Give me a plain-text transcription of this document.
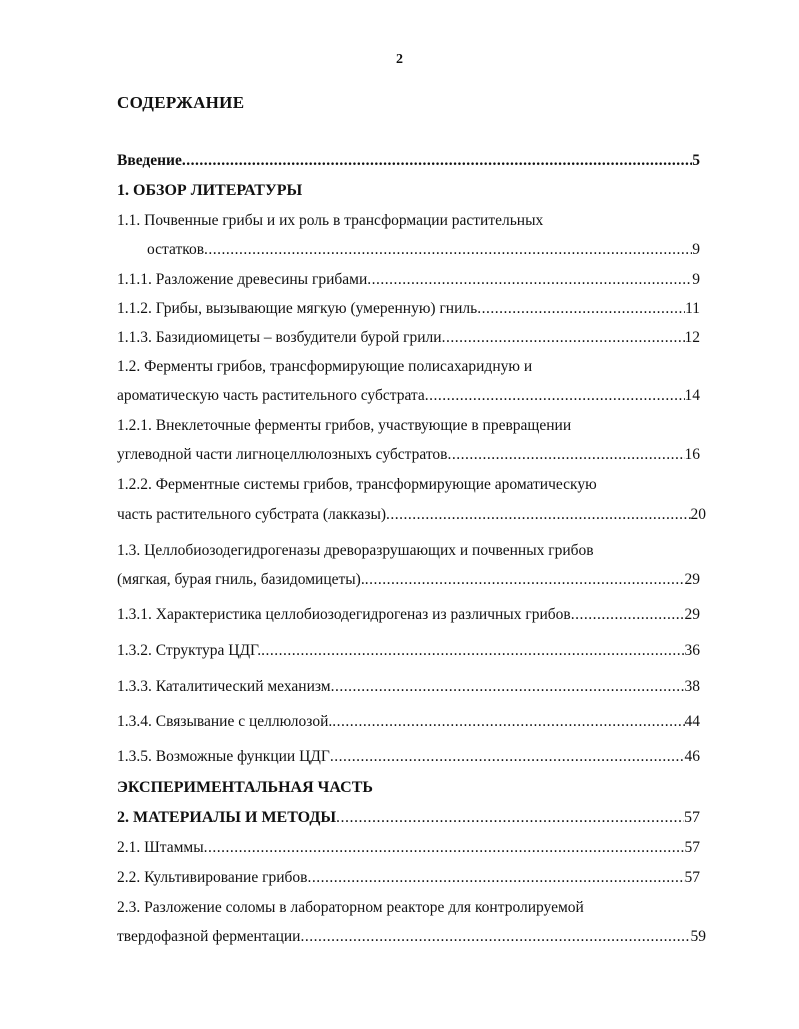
2
СОДЕРЖАНИЕ
Введение .....	5
1. ОБЗОР ЛИТЕРАТУРЫ
1.1. Почвенные грибы и их роль в трансформации растительных
остатков .....	9
1.1.1. Разложение древесины грибами .....	9
1.1.2. Грибы, вызывающие мягкую (умеренную) гниль .....	11
1.1.3. Базидиомицеты – возбудители бурой грили .....	12
1.2. Ферменты грибов, трансформирующие полисахаридную и
ароматическую часть растительного субстрата .....	14
1.2.1. Внеклеточные ферменты грибов, участвующие в превращении
углеводной части лигноцеллюлозныхъ субстратов .....	16
1.2.2. Ферментные системы грибов, трансформирующие ароматическую
часть растительного субстрата (лакказы) .....	20
1.3. Целлобиозодегидрогеназы древоразрушающих и почвенных грибов
(мягкая, бурая гниль, базидомицеты). .....	29
1.3.1. Характеристика целлобиозодегидрогеназ из различных грибов .....	29
1.3.2. Структура ЦДГ. .....	36
1.3.3. Каталитический механизм .....	38
1.3.4. Связывание с целлюлозой. .....	44
1.3.5. Возможные функции ЦДГ .....	46
ЭКСПЕРИМЕНТАЛЬНАЯ ЧАСТЬ
2. МАТЕРИАЛЫ И МЕТОДЫ .....	57
2.1. Штаммы .....	57
2.2. Культивирование грибов .....	57
2.3. Разложение соломы в лабораторном реакторе для контролируемой
твердофазной ферментации .....	59
